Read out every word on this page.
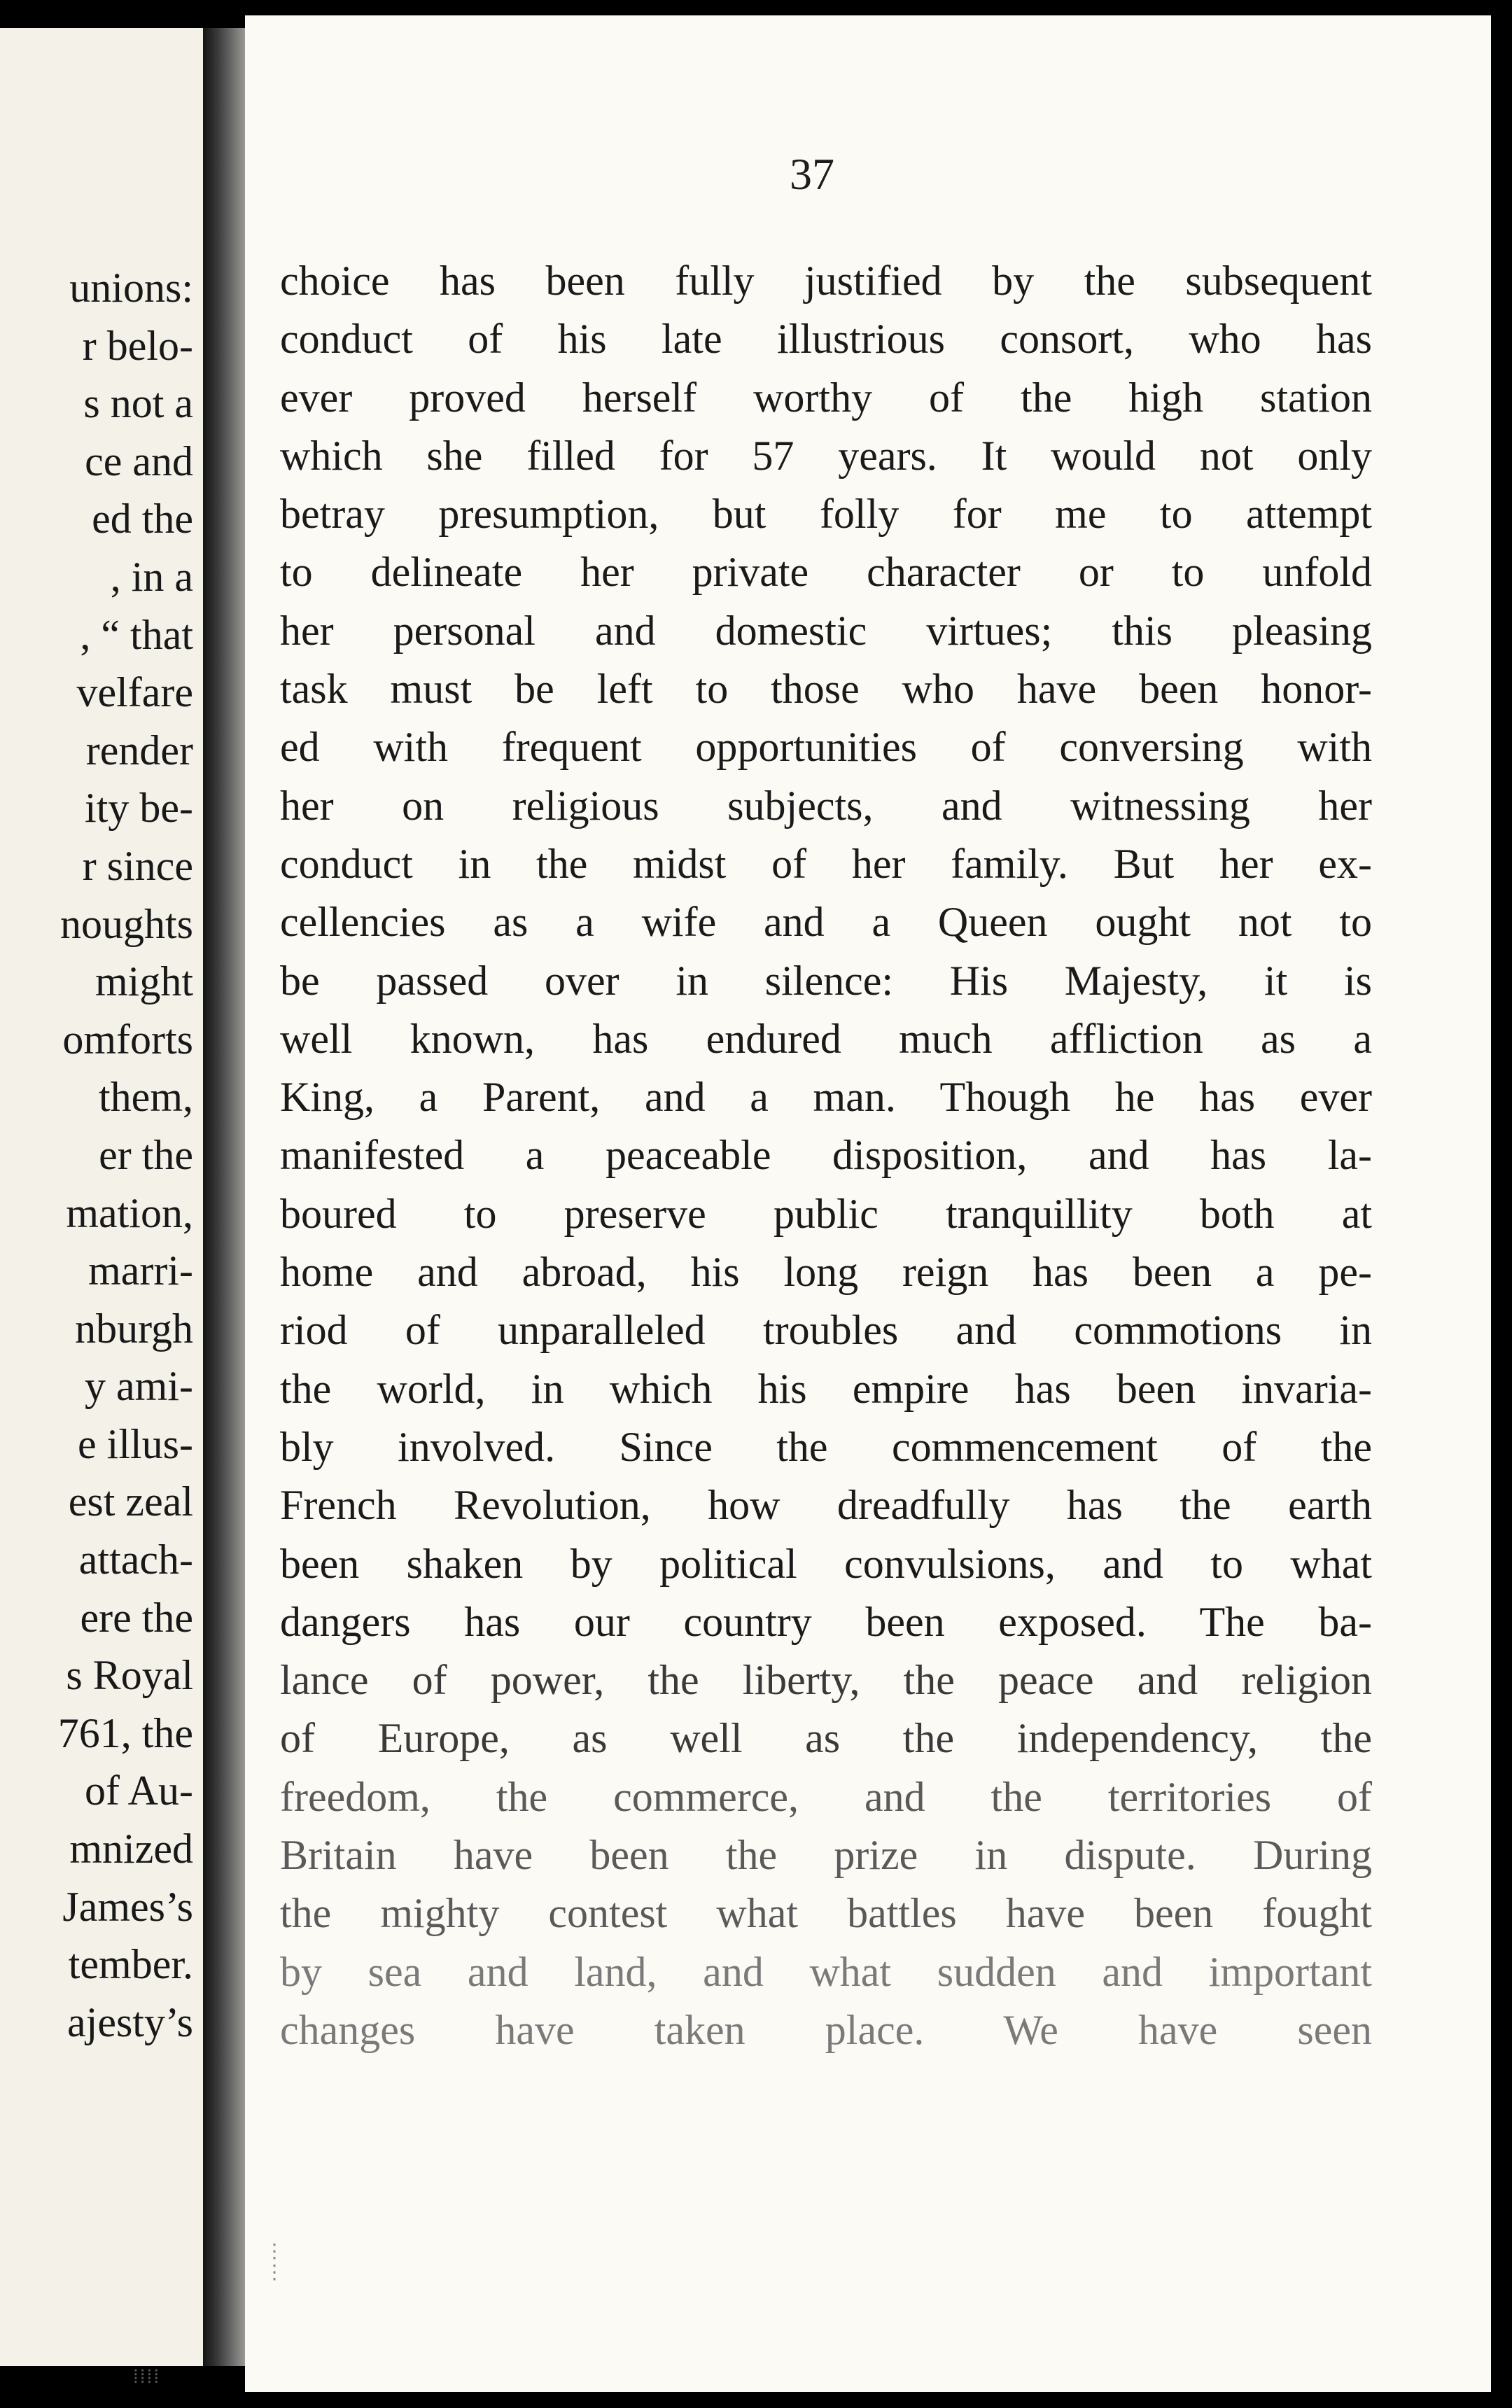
unions:
r belo-
s not a
ce and
ed the
, in a
, “ that
velfare
render
ity be-
r since
noughts
might
omforts
them,
er the
mation,
marri-
nburgh
y ami-
e illus-
est zeal
attach-
ere the
s Royal
761, the
of Au-
mnized
James’s
tember.
ajesty’s
⁞⁞⁞⁞
37
choice has been fully justified by the subsequent
conduct of his late illustrious consort, who has
ever proved herself worthy of the high station
which she filled for 57 years. It would not only
betray presumption, but folly for me to attempt
to delineate her private character or to unfold
her personal and domestic virtues; this pleasing
task must be left to those who have been honor-
ed with frequent opportunities of conversing with
her on religious subjects, and witnessing her
conduct in the midst of her family. But her ex-
cellencies as a wife and a Queen ought not to
be passed over in silence: His Majesty, it is
well known, has endured much affliction as a
King, a Parent, and a man. Though he has ever
manifested a peaceable disposition, and has la-
boured to preserve public tranquillity both at
home and abroad, his long reign has been a pe-
riod of unparalleled troubles and commotions in
the world, in which his empire has been invaria-
bly involved. Since the commencement of the
French Revolution, how dreadfully has the earth
been shaken by political convulsions, and to what
dangers has our country been exposed. The ba-
lance of power, the liberty, the peace and religion
of Europe, as well as the independency, the
freedom, the commerce, and the territories of
Britain have been the prize in dispute. During
the mighty contest what battles have been fought
by sea and land, and what sudden and important
changes have taken place. We have seen
⋮
⋮
